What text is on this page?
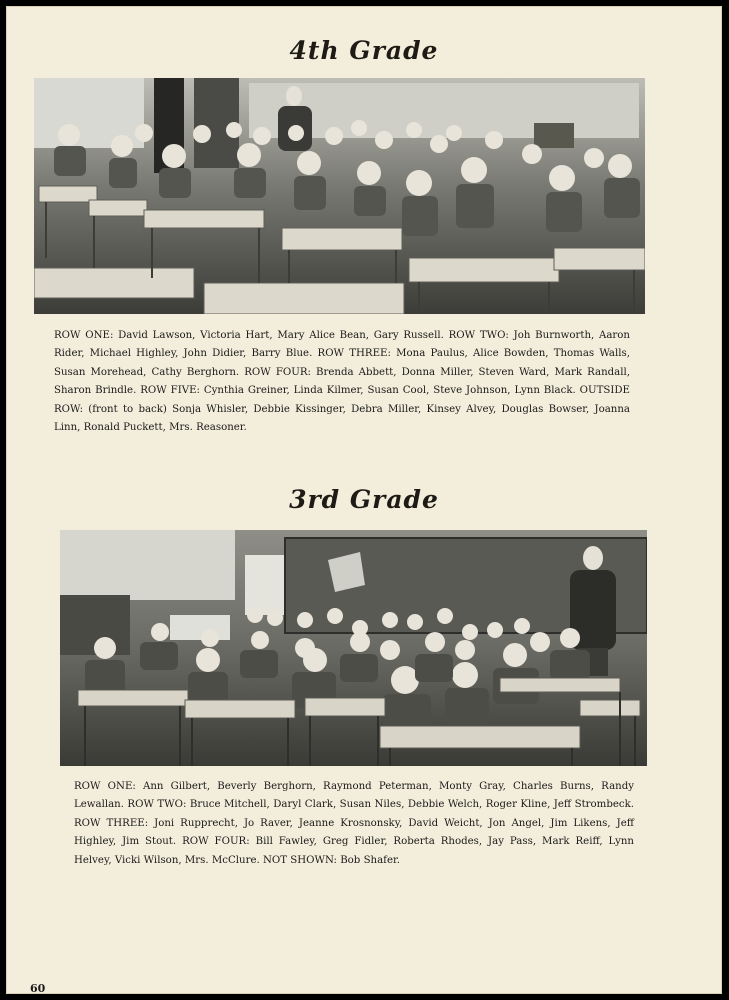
4th Grade
ROW ONE: David Lawson, Victoria Hart, Mary Alice Bean, Gary Russell. ROW TWO: Joh Burnworth, Aaron Rider, Michael Highley, John Didier, Barry Blue. ROW THREE: Mona Paulus, Alice Bowden, Thomas Walls, Susan Morehead, Cathy Berghorn. ROW FOUR: Brenda Abbett, Donna Miller, Steven Ward, Mark Randall, Sharon Brindle. ROW FIVE: Cynthia Greiner, Linda Kilmer, Susan Cool, Steve Johnson, Lynn Black. OUTSIDE ROW: (front to back) Sonja Whisler, Debbie Kissinger, Debra Miller, Kinsey Alvey, Douglas Bowser, Joanna Linn, Ronald Puckett, Mrs. Reasoner.
3rd Grade
ROW ONE: Ann Gilbert, Beverly Berghorn, Raymond Peterman, Monty Gray, Charles Burns, Randy Lewallan. ROW TWO: Bruce Mitchell, Daryl Clark, Susan Niles, Debbie Welch, Roger Kline, Jeff Strombeck. ROW THREE: Joni Rupprecht, Jo Raver, Jeanne Krosnonsky, David Weicht, Jon Angel, Jim Likens, Jeff Highley, Jim Stout. ROW FOUR: Bill Fawley, Greg Fidler, Roberta Rhodes, Jay Pass, Mark Reiff, Lynn Helvey, Vicki Wilson, Mrs. McClure. NOT SHOWN: Bob Shafer.
60
